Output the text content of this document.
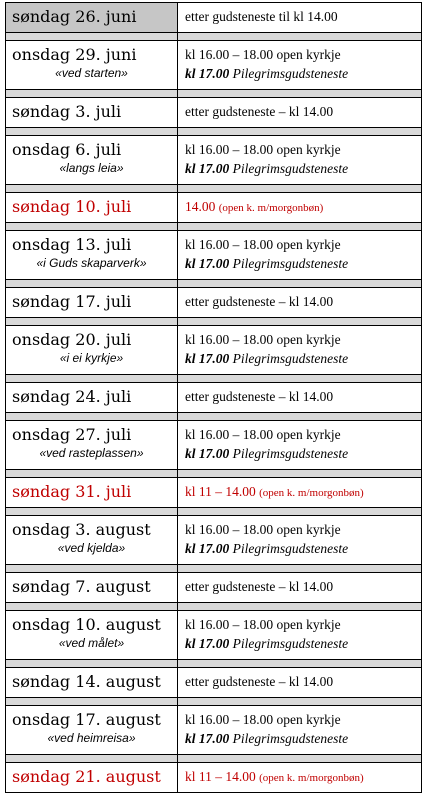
søndag 26. juni	etter gudsteneste til kl 14.00

onsdag 29. juni
«ved starten»	kl 16.00 – 18.00 open kyrkje
kl 17.00 Pilegrimsgudsteneste

søndag 3. juli	etter gudsteneste – kl 14.00

onsdag 6. juli
«langs leia»	kl 16.00 – 18.00 open kyrkje
kl 17.00 Pilegrimsgudsteneste

søndag 10. juli	14.00 (open k. m/morgonbøn)

onsdag 13. juli
«i Guds skaparverk»	kl 16.00 – 18.00 open kyrkje
kl 17.00 Pilegrimsgudsteneste

søndag 17. juli	etter gudsteneste – kl 14.00

onsdag 20. juli
«i ei kyrkje»	kl 16.00 – 18.00 open kyrkje
kl 17.00 Pilegrimsgudsteneste

søndag 24. juli	etter gudsteneste – kl 14.00

onsdag 27. juli
«ved rasteplassen»	kl 16.00 – 18.00 open kyrkje
kl 17.00 Pilegrimsgudsteneste

søndag 31. juli	kl 11 – 14.00 (open k. m/morgonbøn)

onsdag 3. august
«ved kjelda»	kl 16.00 – 18.00 open kyrkje
kl 17.00 Pilegrimsgudsteneste

søndag 7. august	etter gudsteneste – kl 14.00

onsdag 10. august
«ved målet»	kl 16.00 – 18.00 open kyrkje
kl 17.00 Pilegrimsgudsteneste

søndag 14. august	etter gudsteneste – kl 14.00

onsdag 17. august
«ved heimreisa»	kl 16.00 – 18.00 open kyrkje
kl 17.00 Pilegrimsgudsteneste

søndag 21. august	kl 11 – 14.00 (open k. m/morgonbøn)
